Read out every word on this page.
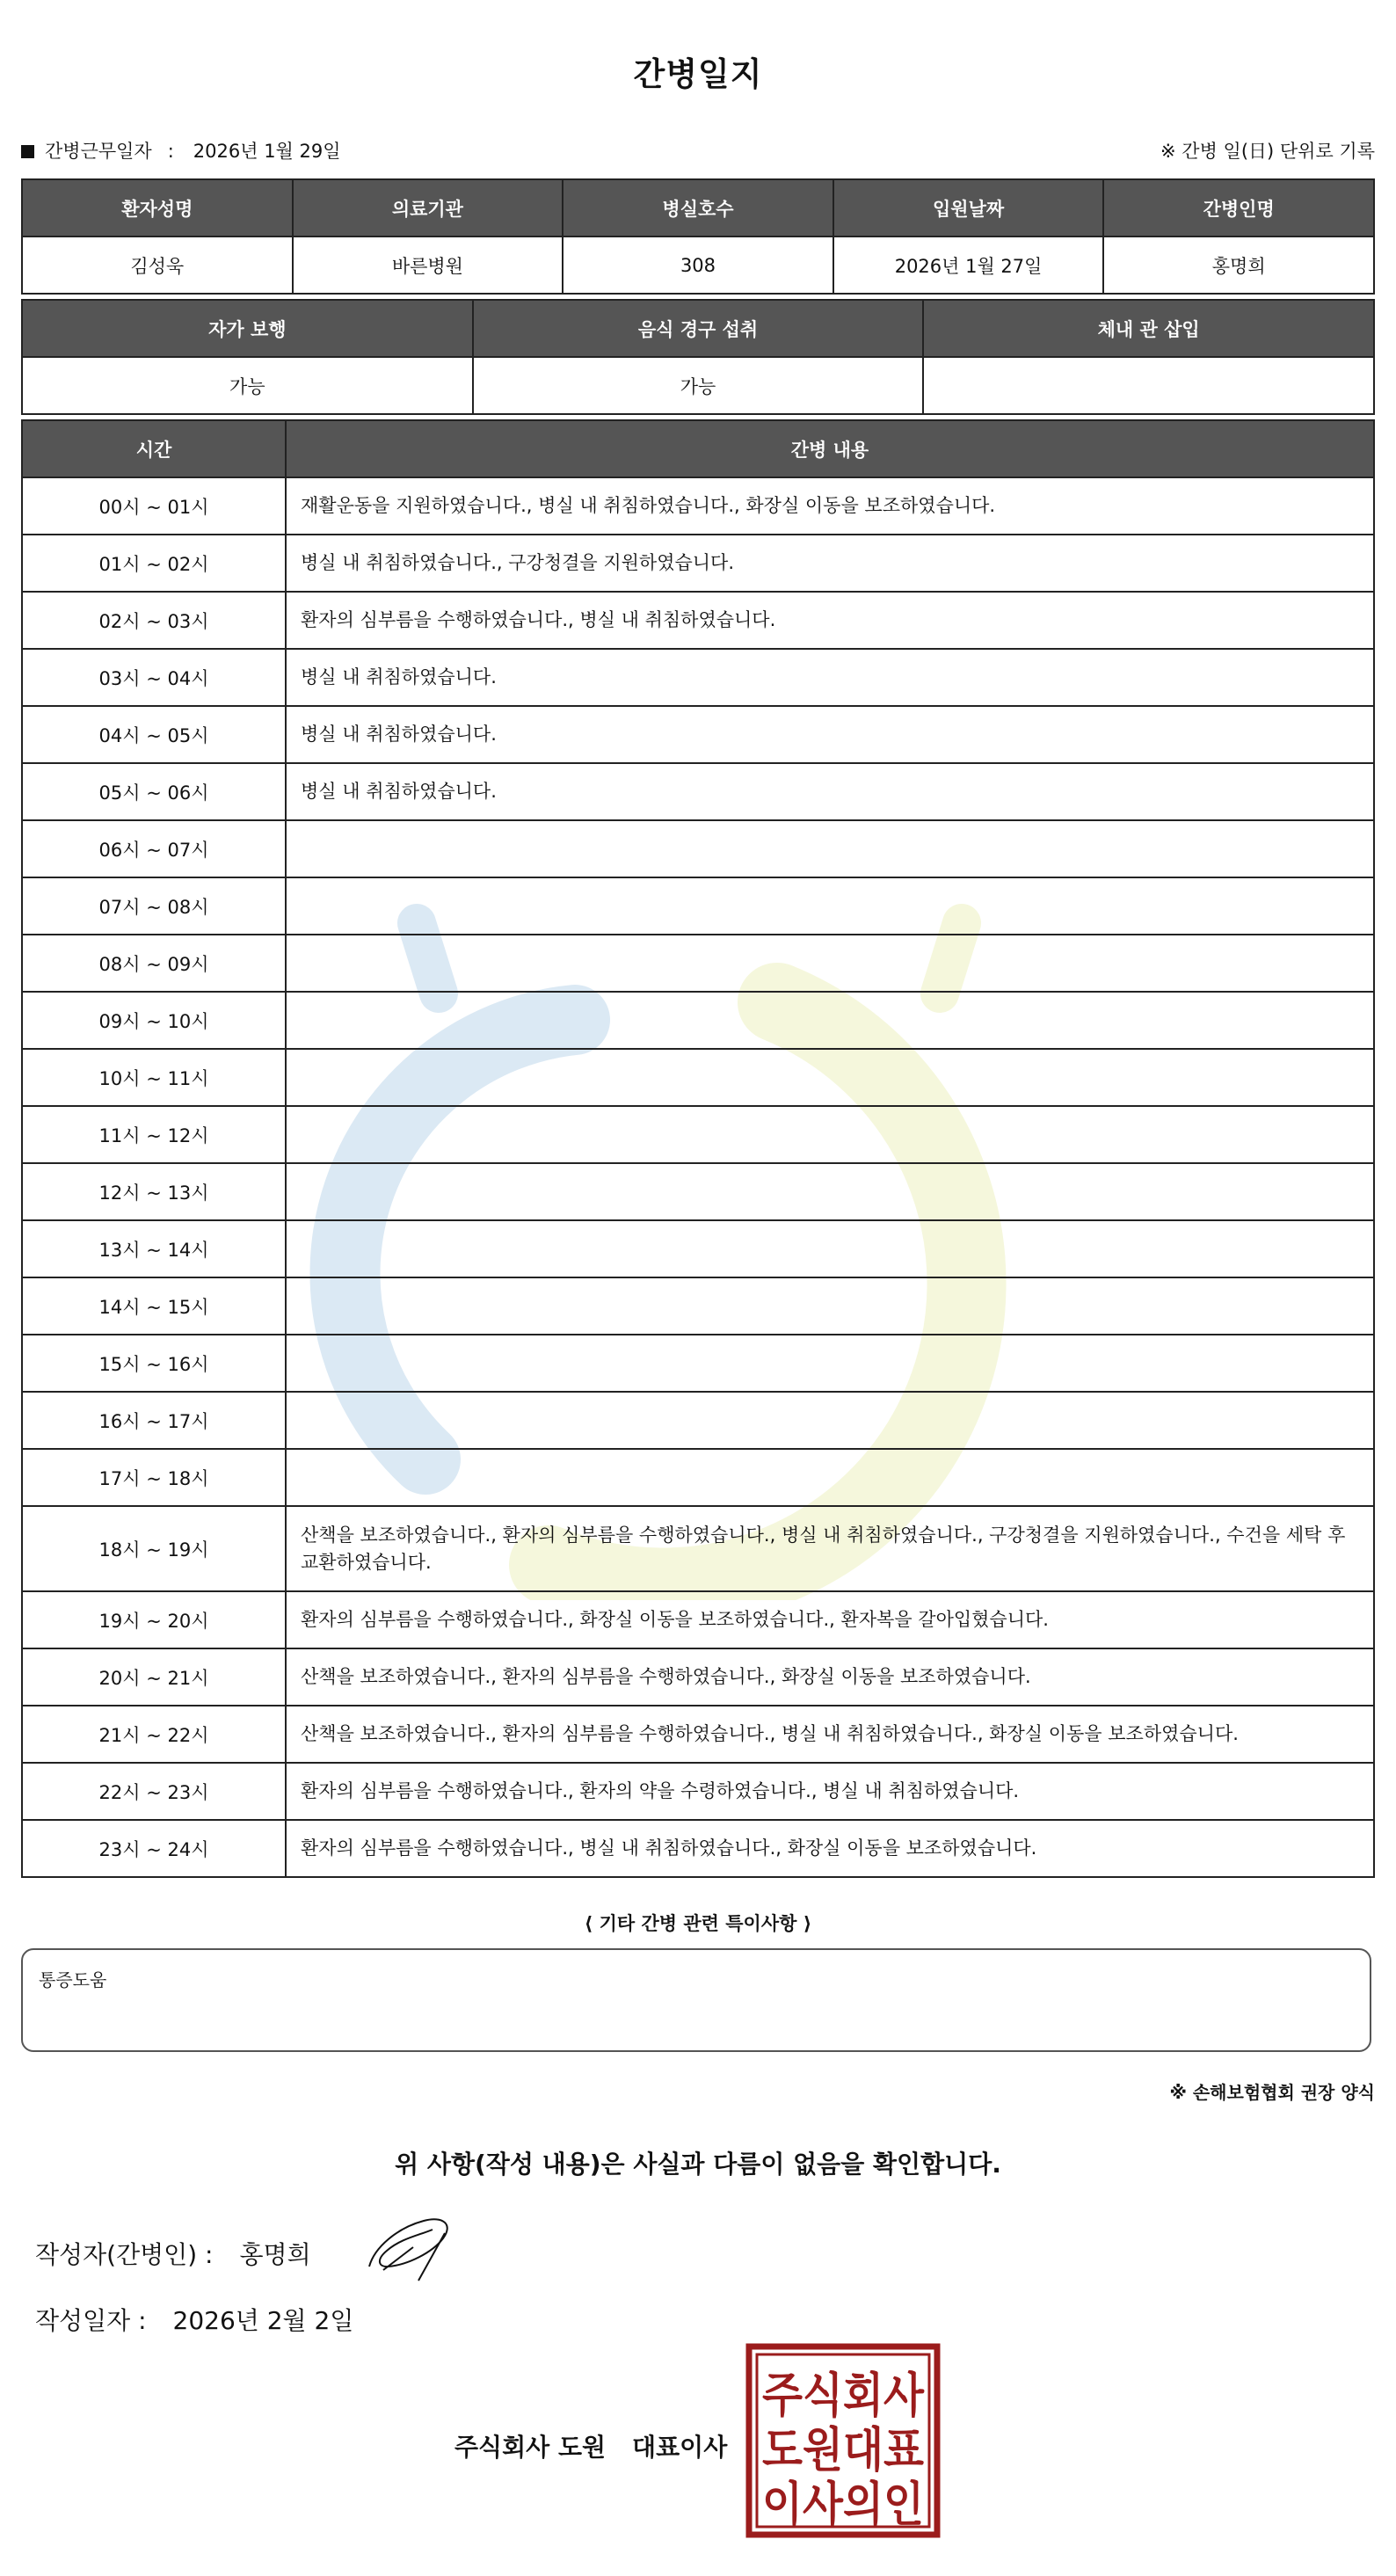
간병일지
간병근무일자 : 2026년 1월 29일	※ 간병 일(日) 단위로 기록
환자성명	의료기관	병실호수	입원날짜	간병인명
김성욱	바른병원	308	2026년 1월 27일	홍명희
자가 보행	음식 경구 섭취	체내 관 삽입
가능	가능	
시간	간병 내용
00시 ~ 01시	재활운동을 지원하였습니다., 병실 내 취침하였습니다., 화장실 이동을 보조하였습니다.
01시 ~ 02시	병실 내 취침하였습니다., 구강청결을 지원하였습니다.
02시 ~ 03시	환자의 심부름을 수행하였습니다., 병실 내 취침하였습니다.
03시 ~ 04시	병실 내 취침하였습니다.
04시 ~ 05시	병실 내 취침하였습니다.
05시 ~ 06시	병실 내 취침하였습니다.
06시 ~ 07시	
07시 ~ 08시	
08시 ~ 09시	
09시 ~ 10시	
10시 ~ 11시	
11시 ~ 12시	
12시 ~ 13시	
13시 ~ 14시	
14시 ~ 15시	
15시 ~ 16시	
16시 ~ 17시	
17시 ~ 18시	
18시 ~ 19시	산책을 보조하였습니다., 환자의 심부름을 수행하였습니다., 병실 내 취침하였습니다., 구강청결을 지원하였습니다., 수건을 세탁 후 교환하였습니다.
19시 ~ 20시	환자의 심부름을 수행하였습니다., 화장실 이동을 보조하였습니다., 환자복을 갈아입혔습니다.
20시 ~ 21시	산책을 보조하였습니다., 환자의 심부름을 수행하였습니다., 화장실 이동을 보조하였습니다.
21시 ~ 22시	산책을 보조하였습니다., 환자의 심부름을 수행하였습니다., 병실 내 취침하였습니다., 화장실 이동을 보조하였습니다.
22시 ~ 23시	환자의 심부름을 수행하였습니다., 환자의 약을 수령하였습니다., 병실 내 취침하였습니다.
23시 ~ 24시	환자의 심부름을 수행하였습니다., 병실 내 취침하였습니다., 화장실 이동을 보조하였습니다.
⟨ 기타 간병 관련 특이사항 ⟩
통증도움
※ 손해보험협회 권장 양식
위 사항(작성 내용)은 사실과 다름이 없음을 확인합니다.
작성자(간병인) : 홍명희
작성일자 : 2026년 2월 2일
주식회사 도원 대표이사
주식회사
도원대표
이사의인
